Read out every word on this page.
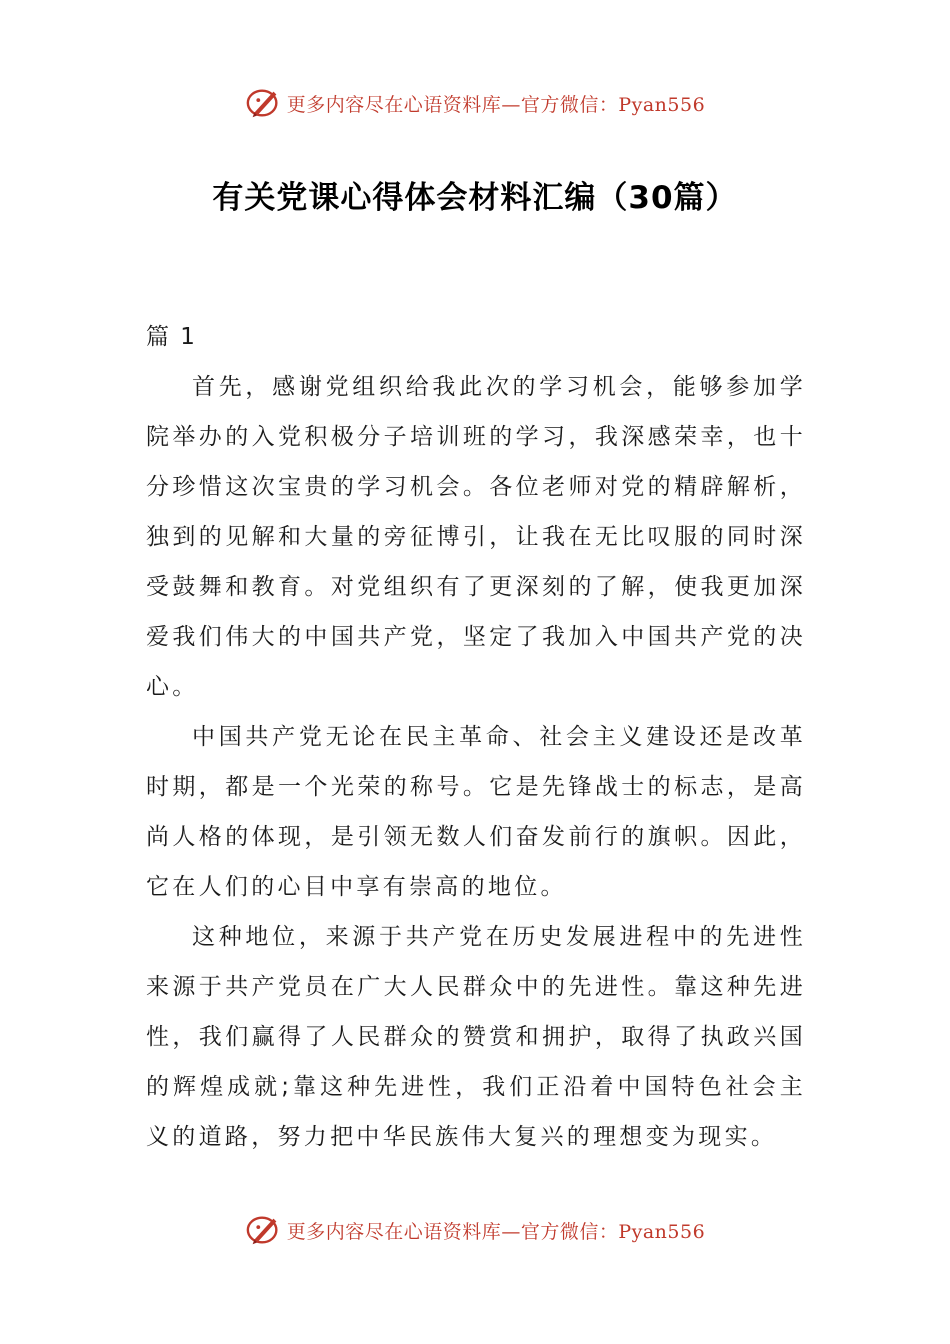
更多内容尽在心语资料库—官方微信：Pyan556
有关党课心得体会材料汇编（30篇）

篇 1

首先，感谢党组织给我此次的学习机会，能够参加学院举办的入党积极分子培训班的学习，我深感荣幸，也十分珍惜这次宝贵的学习机会。各位老师对党的精辟解析，独到的见解和大量的旁征博引，让我在无比叹服的同时深受鼓舞和教育。对党组织有了更深刻的了解，使我更加深爱我们伟大的中国共产党，坚定了我加入中国共产党的决心。

中国共产党无论在民主革命、社会主义建设还是改革时期，都是一个光荣的称号。它是先锋战士的标志，是高尚人格的体现，是引领无数人们奋发前行的旗帜。因此，它在人们的心目中享有崇高的地位。

这种地位，来源于共产党在历史发展进程中的先进性来源于共产党员在广大人民群众中的先进性。靠这种先进性，我们赢得了人民群众的赞赏和拥护，取得了执政兴国的辉煌成就;靠这种先进性，我们正沿着中国特色社会主义的道路，努力把中华民族伟大复兴的理想变为现实。

更多内容尽在心语资料库—官方微信：Pyan556
